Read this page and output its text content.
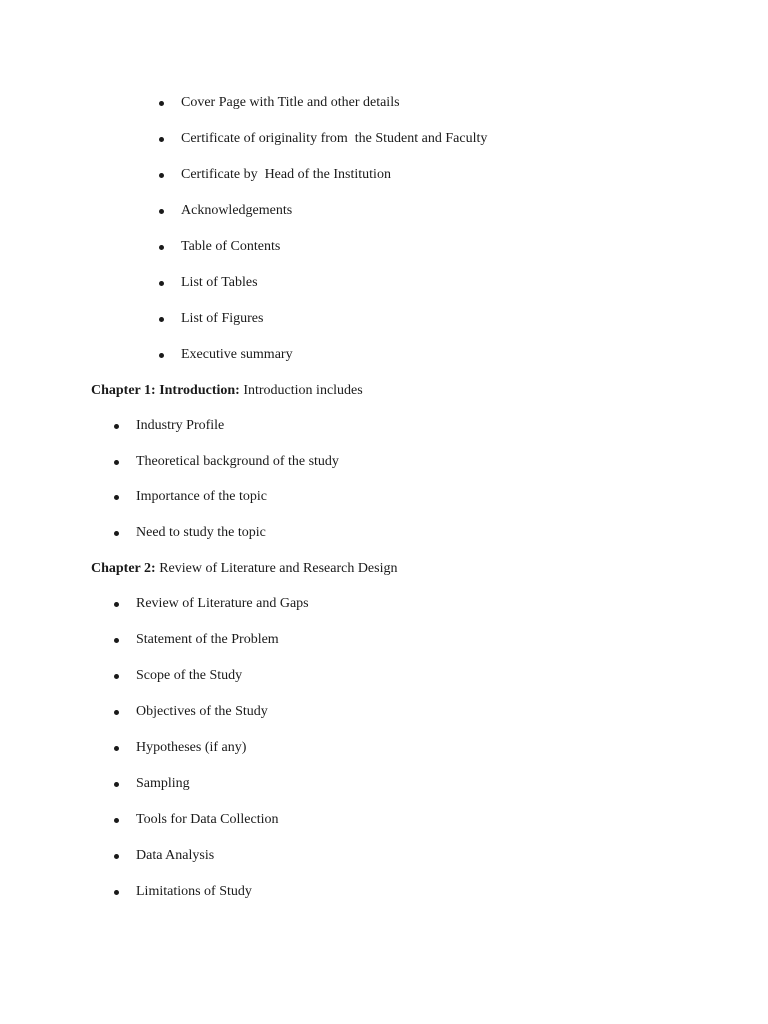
Cover Page with Title and other details
Certificate of originality from  the Student and Faculty
Certificate by  Head of the Institution
Acknowledgements
Table of Contents
List of Tables
List of Figures
Executive summary
Chapter 1: Introduction: Introduction includes
Industry Profile
Theoretical background of the study
Importance of the topic
Need to study the topic
Chapter 2: Review of Literature and Research Design
Review of Literature and Gaps
Statement of the Problem
Scope of the Study
Objectives of the Study
Hypotheses (if any)
Sampling
Tools for Data Collection
Data Analysis
Limitations of Study
